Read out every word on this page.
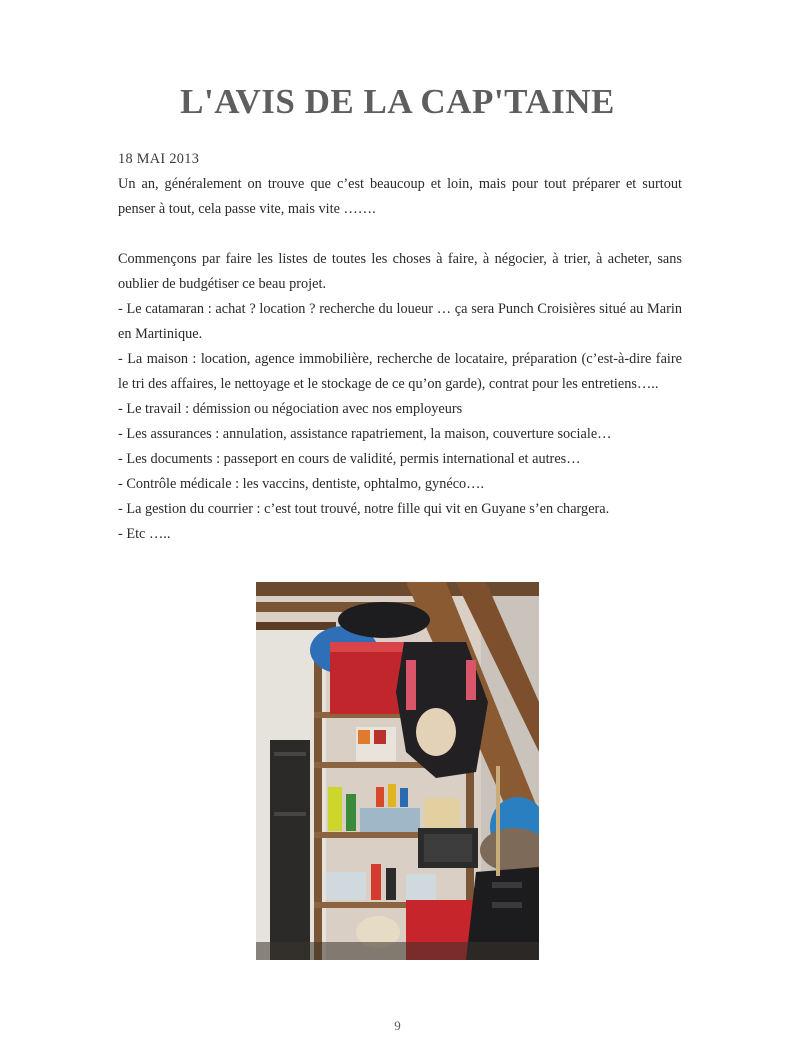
L'AVIS DE LA CAP'TAINE

18 MAI 2013

Un an, généralement on trouve que c’est beaucoup et loin, mais pour tout préparer et surtout penser à tout, cela passe vite, mais vite …….

Commençons par faire les listes de toutes les choses à faire, à négocier, à trier, à acheter, sans oublier de budgétiser ce beau projet.

- Le catamaran : achat ? location ? recherche du loueur … ça sera Punch Croisières situé au Marin en Martinique.

- La maison : location, agence immobilière, recherche de locataire, préparation (c’est-à-dire faire le tri des affaires, le nettoyage et le stockage de ce qu’on garde), contrat pour les entretiens…..

- Le travail : démission ou négociation avec nos employeurs

- Les assurances : annulation, assistance rapatriement, la maison, couverture sociale…

- Les documents : passeport en cours de validité, permis international et autres…

- Contrôle médicale : les vaccins, dentiste, ophtalmo, gynéco….

- La gestion du courrier : c’est tout trouvé, notre fille qui vit en Guyane s’en chargera.

- Etc …..

9
